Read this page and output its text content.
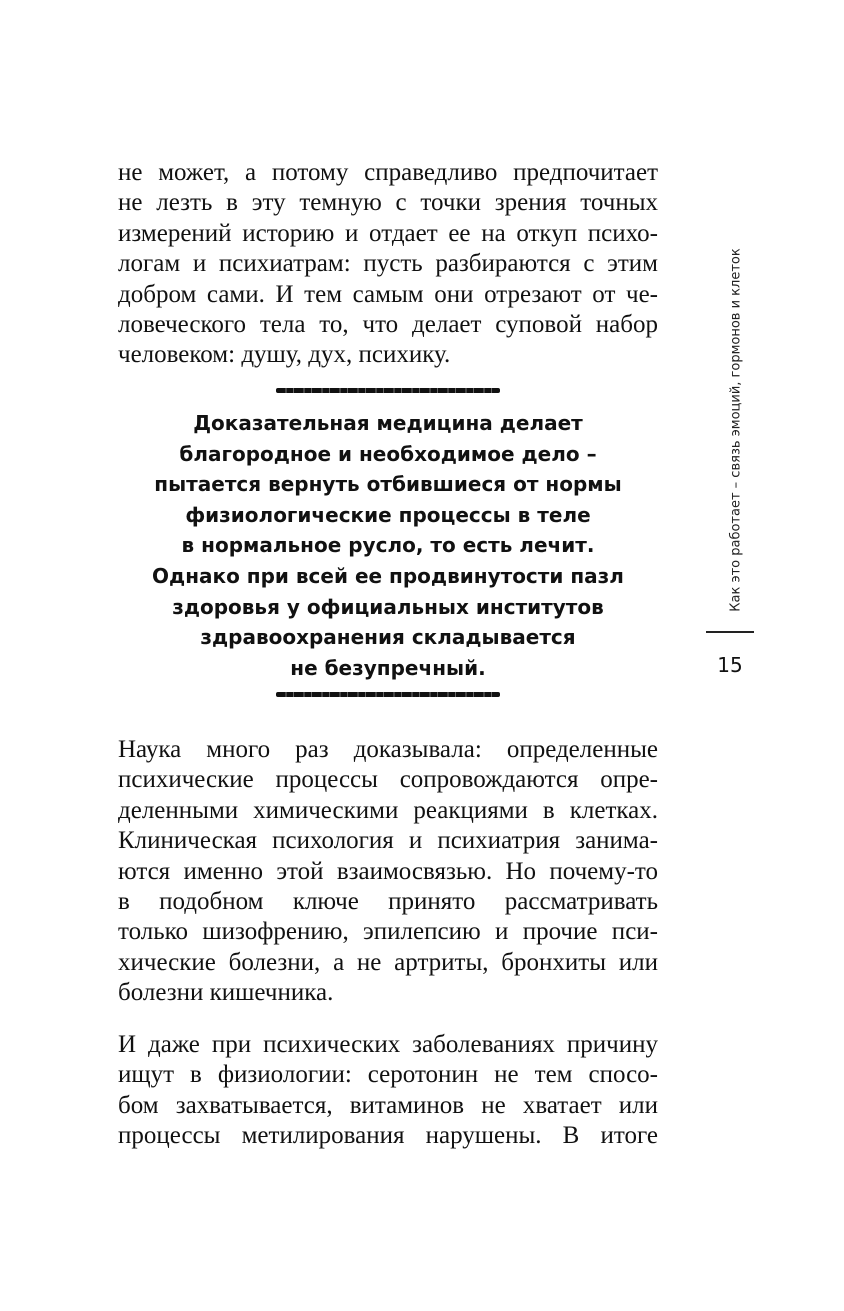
не может, а потому справедливо предпочитает
не лезть в эту темную с точки зрения точных
измерений историю и отдает ее на откуп психо-
логам и психиатрам: пусть разбираются с этим
добром сами. И тем самым они отрезают от че-
ловеческого тела то, что делает суповой набор
человеком: душу, дух, психику.
Доказательная медицина делает
благородное и необходимое дело –
пытается вернуть отбившиеся от нормы
физиологические процессы в теле
в нормальное русло, то есть лечит.
Однако при всей ее продвинутости пазл
здоровья у официальных институтов
здравоохранения складывается
не безупречный.
Наука много раз доказывала: определенные
психические процессы сопровождаются опре-
деленными химическими реакциями в клетках.
Клиническая психология и психиатрия занима-
ются именно этой взаимосвязью. Но почему-то
в подобном ключе принято рассматривать
только шизофрению, эпилепсию и прочие пси-
хические болезни, а не артриты, бронхиты или
болезни кишечника.
И даже при психических заболеваниях причину
ищут в физиологии: серотонин не тем спосо-
бом захватывается, витаминов не хватает или
процессы метилирования нарушены. В итоге
Как это работает – связь эмоций, гормонов и клеток
15
